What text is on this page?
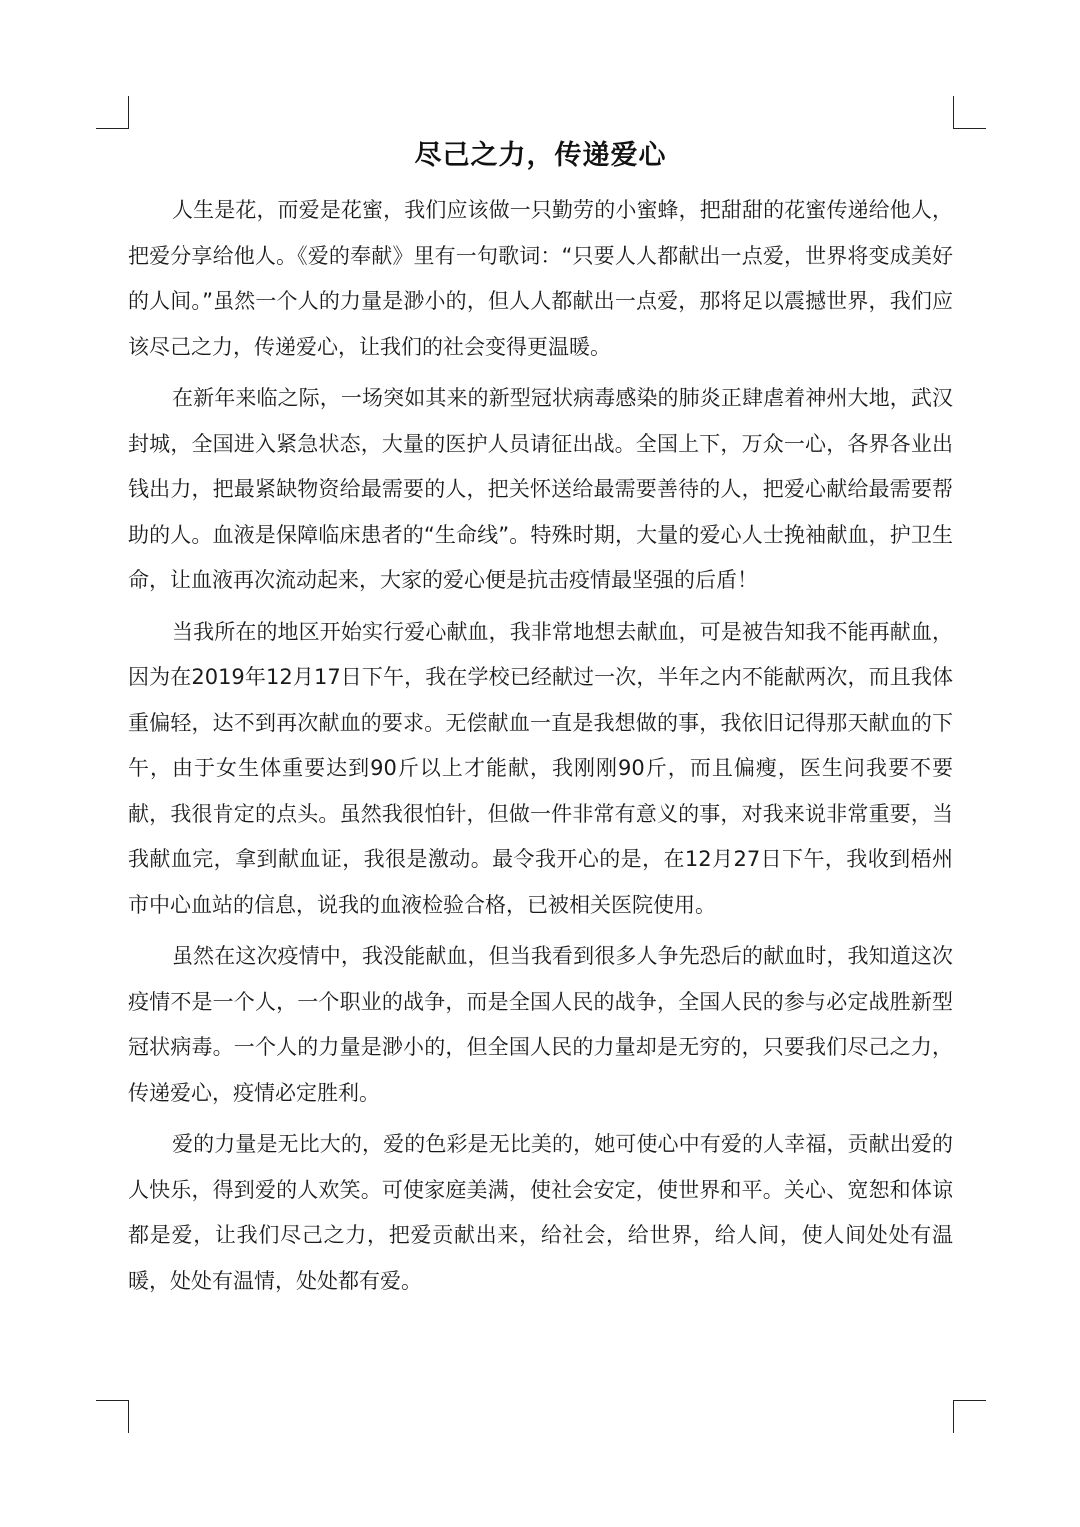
尽己之力，传递爱心

人生是花，而爱是花蜜，我们应该做一只勤劳的小蜜蜂，把甜甜的花蜜传递给他人，把爱分享给他人。《爱的奉献》里有一句歌词：“只要人人都献出一点爱，世界将变成美好的人间。”虽然一个人的力量是渺小的，但人人都献出一点爱，那将足以震撼世界，我们应该尽己之力，传递爱心，让我们的社会变得更温暖。

在新年来临之际，一场突如其来的新型冠状病毒感染的肺炎正肆虐着神州大地，武汉封城，全国进入紧急状态，大量的医护人员请征出战。全国上下，万众一心，各界各业出钱出力，把最紧缺物资给最需要的人，把关怀送给最需要善待的人，把爱心献给最需要帮助的人。血液是保障临床患者的“生命线”。特殊时期，大量的爱心人士挽袖献血，护卫生命，让血液再次流动起来，大家的爱心便是抗击疫情最坚强的后盾！

当我所在的地区开始实行爱心献血，我非常地想去献血，可是被告知我不能再献血，因为在2019年12月17日下午，我在学校已经献过一次，半年之内不能献两次，而且我体重偏轻，达不到再次献血的要求。无偿献血一直是我想做的事，我依旧记得那天献血的下午，由于女生体重要达到90斤以上才能献，我刚刚90斤，而且偏瘦，医生问我要不要献，我很肯定的点头。虽然我很怕针，但做一件非常有意义的事，对我来说非常重要，当我献血完，拿到献血证，我很是激动。最令我开心的是，在12月27日下午，我收到梧州市中心血站的信息，说我的血液检验合格，已被相关医院使用。

虽然在这次疫情中，我没能献血，但当我看到很多人争先恐后的献血时，我知道这次疫情不是一个人，一个职业的战争，而是全国人民的战争，全国人民的参与必定战胜新型冠状病毒。一个人的力量是渺小的，但全国人民的力量却是无穷的，只要我们尽己之力，传递爱心，疫情必定胜利。

爱的力量是无比大的，爱的色彩是无比美的，她可使心中有爱的人幸福，贡献出爱的人快乐，得到爱的人欢笑。可使家庭美满，使社会安定，使世界和平。关心、宽恕和体谅都是爱，让我们尽己之力，把爱贡献出来，给社会，给世界，给人间，使人间处处有温暖，处处有温情，处处都有爱。
